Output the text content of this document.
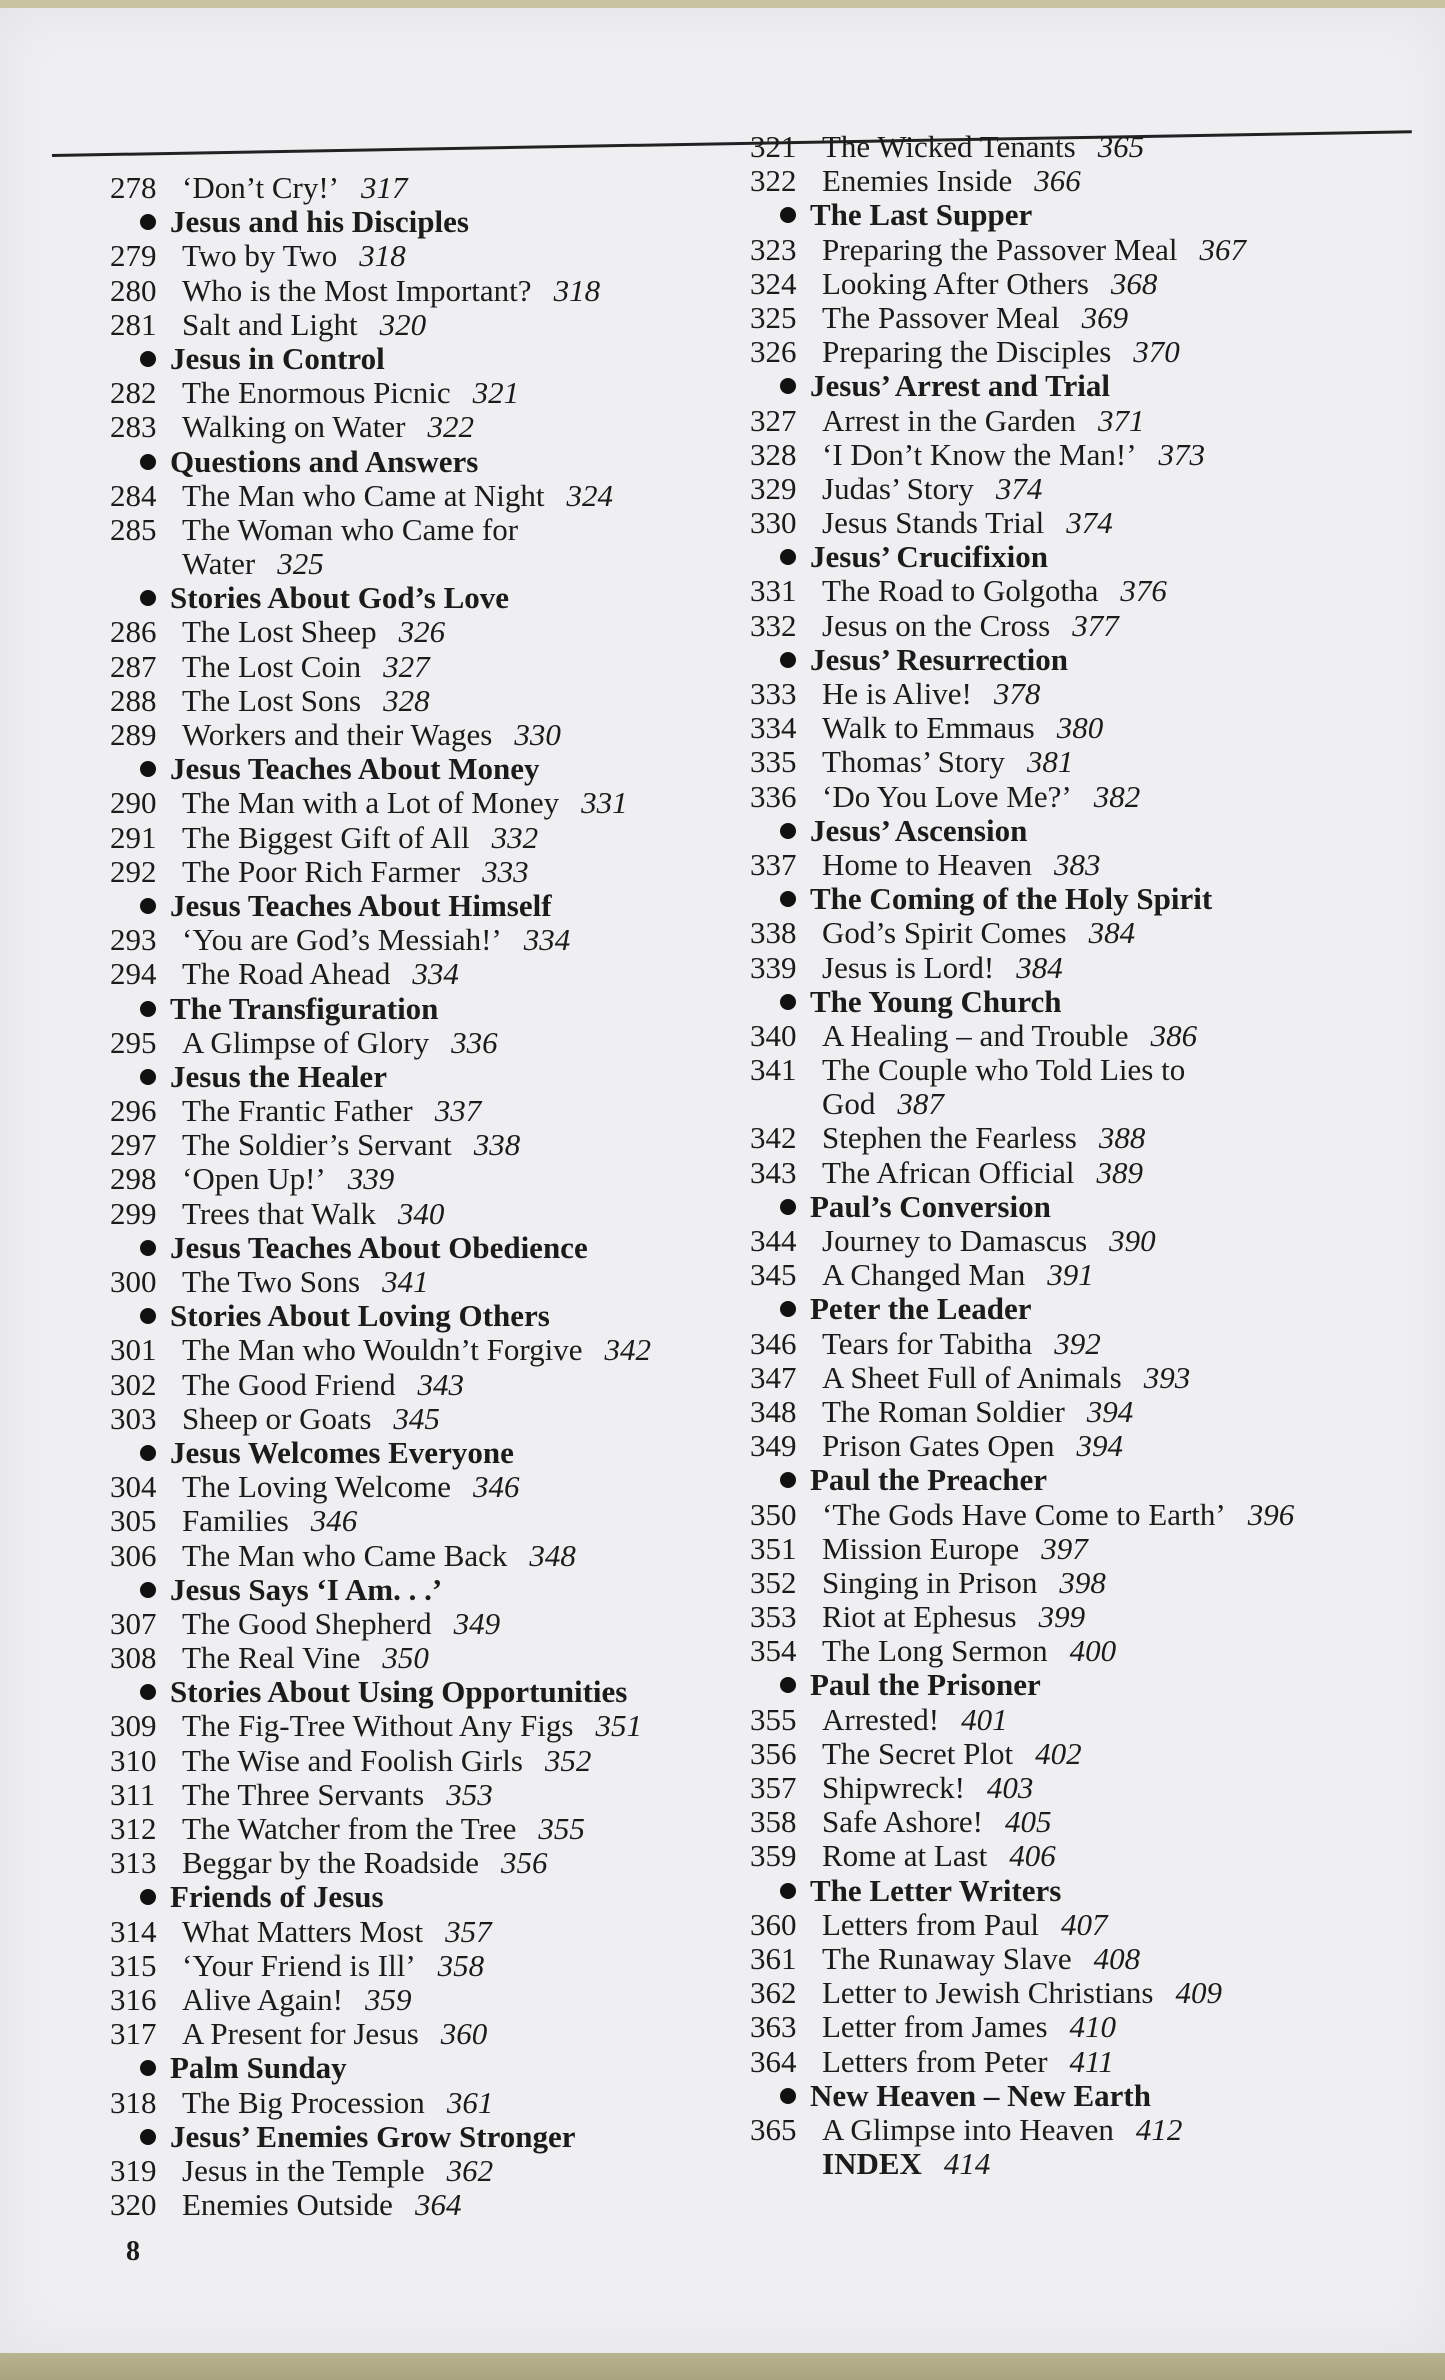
278 ‘Don’t Cry!’ 317
Jesus and his Disciples
279 Two by Two 318
280 Who is the Most Important? 318
281 Salt and Light 320
Jesus in Control
282 The Enormous Picnic 321
283 Walking on Water 322
Questions and Answers
284 The Man who Came at Night 324
285 The Woman who Came for
Water 325
Stories About God’s Love
286 The Lost Sheep 326
287 The Lost Coin 327
288 The Lost Sons 328
289 Workers and their Wages 330
Jesus Teaches About Money
290 The Man with a Lot of Money 331
291 The Biggest Gift of All 332
292 The Poor Rich Farmer 333
Jesus Teaches About Himself
293 ‘You are God’s Messiah!’ 334
294 The Road Ahead 334
The Transfiguration
295 A Glimpse of Glory 336
Jesus the Healer
296 The Frantic Father 337
297 The Soldier’s Servant 338
298 ‘Open Up!’ 339
299 Trees that Walk 340
Jesus Teaches About Obedience
300 The Two Sons 341
Stories About Loving Others
301 The Man who Wouldn’t Forgive 342
302 The Good Friend 343
303 Sheep or Goats 345
Jesus Welcomes Everyone
304 The Loving Welcome 346
305 Families 346
306 The Man who Came Back 348
Jesus Says ‘I Am. . .’
307 The Good Shepherd 349
308 The Real Vine 350
Stories About Using Opportunities
309 The Fig-Tree Without Any Figs 351
310 The Wise and Foolish Girls 352
311 The Three Servants 353
312 The Watcher from the Tree 355
313 Beggar by the Roadside 356
Friends of Jesus
314 What Matters Most 357
315 ‘Your Friend is Ill’ 358
316 Alive Again! 359
317 A Present for Jesus 360
Palm Sunday
318 The Big Procession 361
Jesus’ Enemies Grow Stronger
319 Jesus in the Temple 362
320 Enemies Outside 364
321 The Wicked Tenants 365
322 Enemies Inside 366
The Last Supper
323 Preparing the Passover Meal 367
324 Looking After Others 368
325 The Passover Meal 369
326 Preparing the Disciples 370
Jesus’ Arrest and Trial
327 Arrest in the Garden 371
328 ‘I Don’t Know the Man!’ 373
329 Judas’ Story 374
330 Jesus Stands Trial 374
Jesus’ Crucifixion
331 The Road to Golgotha 376
332 Jesus on the Cross 377
Jesus’ Resurrection
333 He is Alive! 378
334 Walk to Emmaus 380
335 Thomas’ Story 381
336 ‘Do You Love Me?’ 382
Jesus’ Ascension
337 Home to Heaven 383
The Coming of the Holy Spirit
338 God’s Spirit Comes 384
339 Jesus is Lord! 384
The Young Church
340 A Healing – and Trouble 386
341 The Couple who Told Lies to
God 387
342 Stephen the Fearless 388
343 The African Official 389
Paul’s Conversion
344 Journey to Damascus 390
345 A Changed Man 391
Peter the Leader
346 Tears for Tabitha 392
347 A Sheet Full of Animals 393
348 The Roman Soldier 394
349 Prison Gates Open 394
Paul the Preacher
350 ‘The Gods Have Come to Earth’ 396
351 Mission Europe 397
352 Singing in Prison 398
353 Riot at Ephesus 399
354 The Long Sermon 400
Paul the Prisoner
355 Arrested! 401
356 The Secret Plot 402
357 Shipwreck! 403
358 Safe Ashore! 405
359 Rome at Last 406
The Letter Writers
360 Letters from Paul 407
361 The Runaway Slave 408
362 Letter to Jewish Christians 409
363 Letter from James 410
364 Letters from Peter 411
New Heaven – New Earth
365 A Glimpse into Heaven 412
INDEX 414
8
